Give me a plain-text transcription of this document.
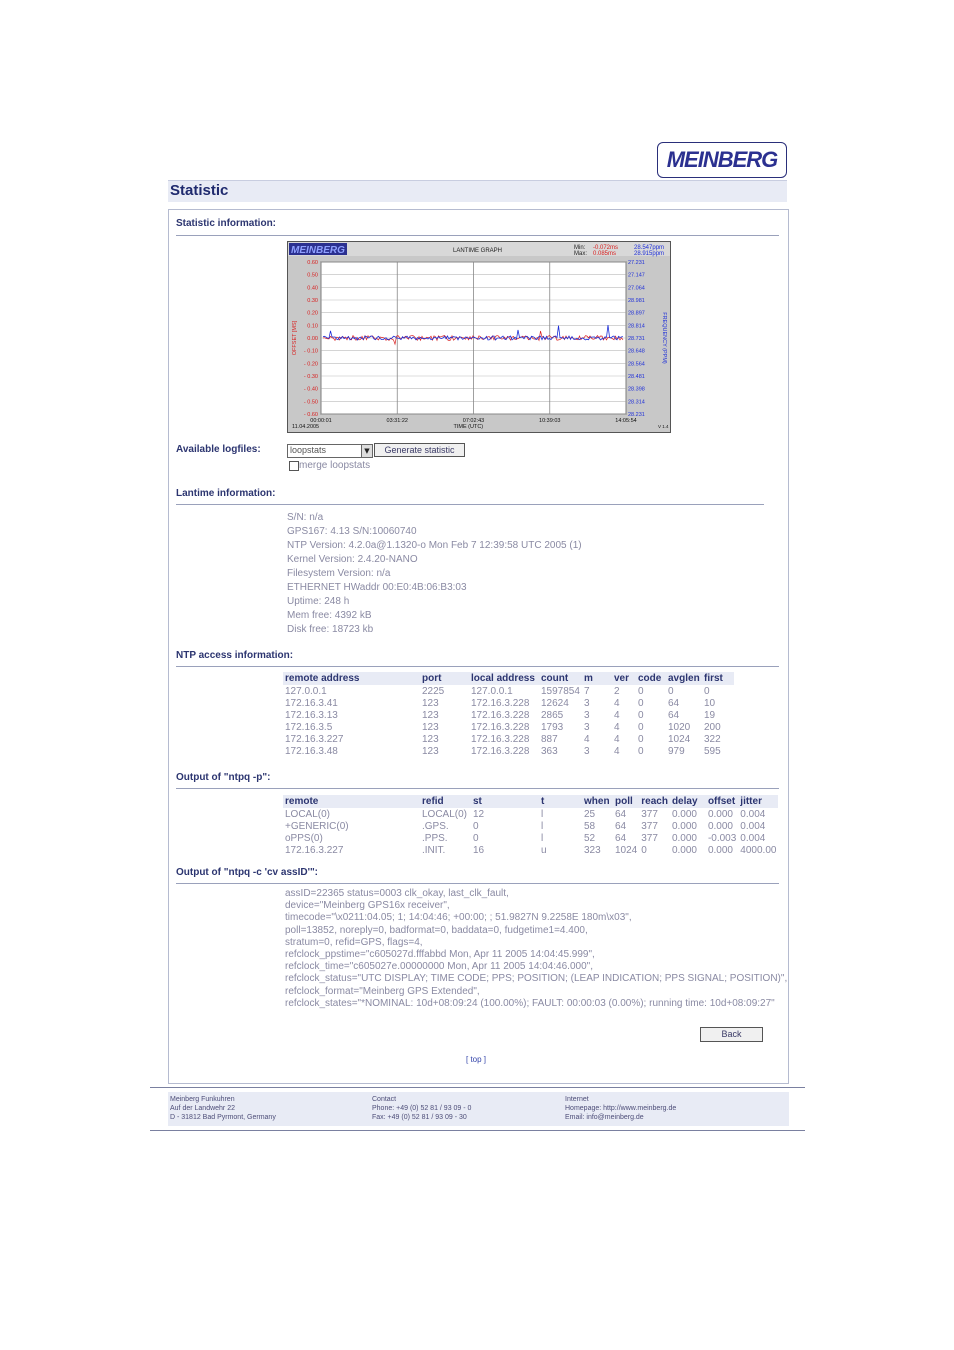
MEINBERG
Statistic
Statistic information:
MEINBERG	LANTIME GRAPH	Min:
Max:
-0.072ms
0.085ms
28.547ppm
28.915ppm
0.60	27.231
0.50	27.147
0.40	27.064
0.30	28.981
0.20	28.897
0.10	28.814
0.00	28.731
- 0.10	28.648
- 0.20	28.564
- 0.30	28.481
- 0.40	28.398
- 0.50	28.314
- 0.60	28.231
00:00:01	03:31:22	07:02:43	10:39:03	14:05:54
11.04.2005	TIME (UTC)	V 1.4
OFFSET [MS]	FREQUENCY (PPM)
Available logfiles:	loopstats	▼	Generate statistic
merge loopstats
Lantime information:
S/N: n/a
GPS167: 4.13 S/N:10060740
NTP Version: 4.2.0a@1.1320-o Mon Feb 7 12:39:58 UTC 2005 (1)
Kernel Version: 2.4.20-NANO
Filesystem Version: n/a
ETHERNET HWaddr 00:E0:4B:06:B3:03
Uptime: 248 h
Mem free: 4392 kB
Disk free: 18723 kb
NTP access information:
remote address	port	local address	count	m	ver	code	avglen	first
127.0.0.1	2225	127.0.0.1	1597854	7	2	0	0	0
172.16.3.41	123	172.16.3.228	12624	3	4	0	64	10
172.16.3.13	123	172.16.3.228	2865	3	4	0	64	19
172.16.3.5	123	172.16.3.228	1793	3	4	0	1020	200
172.16.3.227	123	172.16.3.228	887	4	4	0	1024	322
172.16.3.48	123	172.16.3.228	363	3	4	0	979	595
Output of "ntpq -p":
remote	refid	st	t	when	poll	reach	delay	offset	jitter
LOCAL(0)	LOCAL(0)	12	l	25	64	377	0.000	0.000	0.004
+GENERIC(0)	.GPS.	0	l	58	64	377	0.000	0.000	0.004
oPPS(0)	.PPS.	0	l	52	64	377	0.000	-0.003	0.004
172.16.3.227	.INIT.	16	u	323	1024	0	0.000	0.000	4000.00
Output of "ntpq -c 'cv assID'":
assID=22365 status=0003 clk_okay, last_clk_fault,
device="Meinberg GPS16x receiver",
timecode="\x0211:04.05; 1; 14:04:46; +00:00; ; 51.9827N 9.2258E 180m\x03",
poll=13852, noreply=0, badformat=0, baddata=0, fudgetime1=4.400,
stratum=0, refid=GPS, flags=4,
refclock_ppstime="c605027d.fffabbd Mon, Apr 11 2005 14:04:45.999",
refclock_time="c605027e.00000000 Mon, Apr 11 2005 14:04:46.000",
refclock_status="UTC DISPLAY; TIME CODE; PPS; POSITION; (LEAP INDICATION; PPS SIGNAL; POSITION)",
refclock_format="Meinberg GPS Extended",
refclock_states="*NOMINAL: 10d+08:09:24 (100.00%); FAULT: 00:00:03 (0.00%); running time: 10d+08:09:27"
Back
[ top ]
Meinberg Funkuhren
Auf der Landwehr 22
D - 31812 Bad Pyrmont, Germany
Contact
Phone: +49 (0) 52 81 / 93 09 - 0
Fax: +49 (0) 52 81 / 93 09 - 30
Internet
Homepage: http://www.meinberg.de
Email: info@meinberg.de
